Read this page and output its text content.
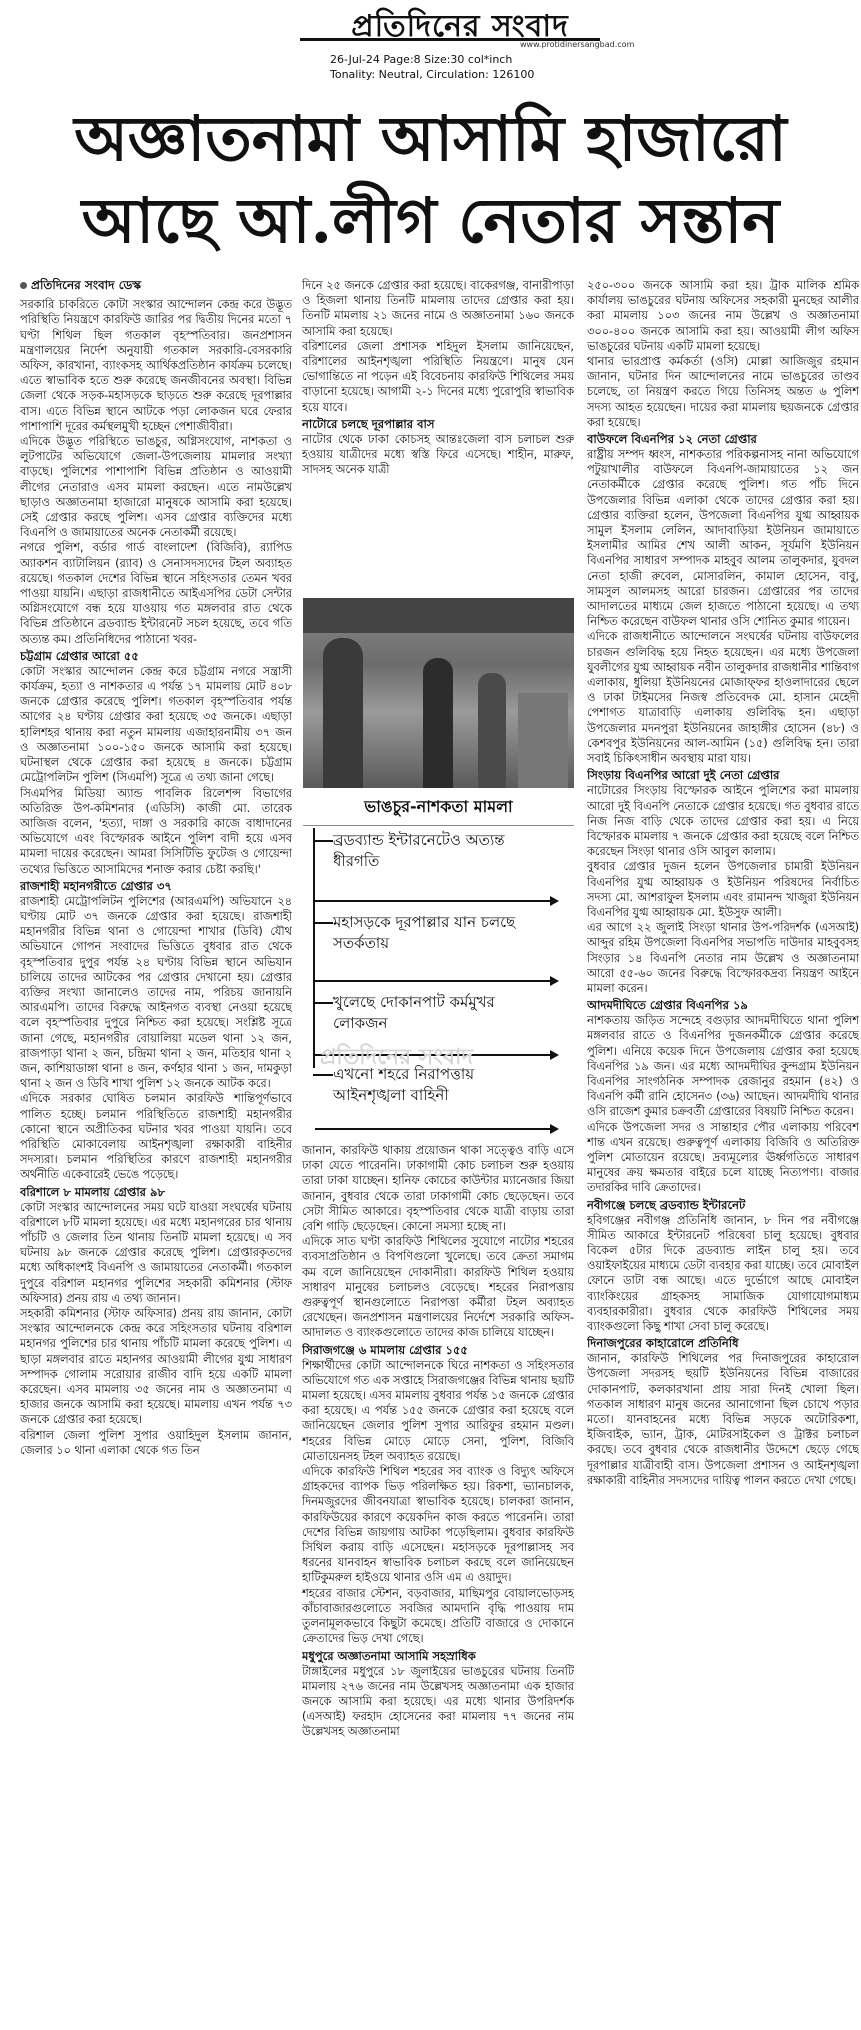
প্রতিদিনের সংবাদ
www.protidinersangbad.com
26-Jul-24 Page:8 Size:30 col*inch
Tonality: Neutral, Circulation: 126100
অজ্ঞাতনামা আসামি হাজারো
আছে আ.লীগ নেতার সন্তান
প্রতিদিনের সংবাদ ডেস্ক

সরকারি চাকরিতে কোটা সংস্কার আন্দোলন কেন্দ্র করে উদ্ভূত পরিস্থিতি নিয়ন্ত্রণে কারফিউ জারির পর দ্বিতীয় দিনের মতো ৭ ঘণ্টা শিথিল ছিল গতকাল বৃহস্পতিবার। জনপ্রশাসন মন্ত্রণালয়ের নির্দেশ অনুযায়ী গতকাল সরকারি-বেসরকারি অফিস, কারখানা, ব্যাংকসহ আর্থিকপ্রতিষ্ঠান কার্যক্রম চলেছে। এতে স্বাভাবিক হতে শুরু করেছে জনজীবনের অবস্থা। বিভিন্ন জেলা থেকে সড়ক-মহাসড়কে ছাড়তে শুরু করেছে দূরপাল্লার বাস। এতে বিভিন্ন স্থানে আটকে পড়া লোকজন ঘরে ফেরার পাশাপাশি দূরের কর্মস্থলমুখী হচ্ছেন পেশাজীবীরা।

এদিকে উদ্ভূত পরিস্থিতে ভাঙচুর, অগ্নিসংযোগ, নাশকতা ও লুটপাটের অভিযোগে জেলা-উপজেলায় মামলার সংখ্যা বাড়ছে। পুলিশের পাশাপাশি বিভিন্ন প্রতিষ্ঠান ও আওয়ামী লীগের নেতারাও এসব মামলা করছেন। এতে নামউল্লেখ ছাড়াও অজ্ঞাতনামা হাজারো মানুষকে আসামি করা হয়েছে। সেই গ্রেপ্তার করছে পুলিশ। এসব গ্রেপ্তার ব্যক্তিদের মধ্যে বিএনপি ও জামায়াতের অনেক নেতাকর্মী রয়েছে।

নগরে পুলিশ, বর্ডার গার্ড বাংলাদেশ (বিজিবি), র‌্যাপিড অ্যাকশন ব্যাটালিয়ন (র‌্যাব) ও সেনাসদস্যদের টহল অব্যাহত রয়েছে। গতকাল দেশের বিভিন্ন স্থানে সহিংসতার তেমন খবর পাওয়া যায়নি। এছাড়া রাজধানীতে আইএসপির ডেটা সেন্টার অগ্নিসংযোগে বন্ধ হয়ে যাওয়ায় গত মঙ্গলবার রাত থেকে বিভিন্ন প্রতিষ্ঠানে ব্রডব্যান্ড ইন্টারনেট সচল হয়েছে, তবে গতি অত্যন্ত কম। প্রতিনিধিদের পাঠানো খবর-

চট্টগ্রাম গ্রেপ্তার আরো ৫৫

কোটা সংস্কার আন্দোলন কেন্দ্র করে চট্টগ্রাম নগরে সন্ত্রাসী কার্যক্রম, হত্যা ও নাশকতার এ পর্যন্ত ১৭ মামলায় মোট ৪০৮ জনকে গ্রেপ্তার করেছে পুলিশ। গতকাল বৃহস্পতিবার পর্যন্ত আগের ২৪ ঘণ্টায় গ্রেপ্তার করা হয়েছে ৩৫ জনকে। এছাড়া হালিশহর থানায় করা নতুন মামলায় এজাহারনামীয় ৩৭ জন ও অজ্ঞাতনামা ১০০-১৫০ জনকে আসামি করা হয়েছে। ঘটনাস্থল থেকে গ্রেপ্তার করা হয়েছে ৪ জনকে। চট্টগ্রাম মেট্রোপলিটন পুলিশ (সিএমপি) সূত্রে এ তথ্য জানা গেছে।

সিএমপির মিডিয়া অ্যান্ড পাবলিক রিলেশন্স বিভাগের অতিরিক্ত উপ-কমিশনার (এডিসি) কাজী মো. তারেক আজিজ বলেন, 'হত্যা, দাঙ্গা ও সরকারি কাজে বাধাদানের অভিযোগে এবং বিস্ফোরক আইনে পুলিশ বাদী হয়ে এসব মামলা দায়ের করেছেন। আমরা সিসিটিভি ফুটেজ ও গোয়েন্দা তথ্যের ভিত্তিতে আসামিদের শনাক্ত করার চেষ্টা করছি।'

রাজশাহী মহানগরীতে গ্রেপ্তার ৩৭

রাজশাহী মেট্রোপলিটন পুলিশের (আরএমপি) অভিযানে ২৪ ঘণ্টায় মোট ৩৭ জনকে গ্রেপ্তার করা হয়েছে। রাজশাহী মহানগরীর বিভিন্ন থানা ও গোয়েন্দা শাখার (ডিবি) যৌথ অভিযানে গোপন সংবাদের ভিত্তিতে বুধবার রাত থেকে বৃহস্পতিবার দুপুর পর্যন্ত ২৪ ঘণ্টায় বিভিন্ন স্থানে অভিযান চালিয়ে তাদের আটকের পর গ্রেপ্তার দেখানো হয়। গ্রেপ্তার ব্যক্তির সংখ্যা জানালেও তাদের নাম, পরিচয় জানায়নি আরএমপি। তাদের বিরুদ্ধে আইনগত ব্যবস্থা নেওয়া হয়েছে বলে বৃহস্পতিবার দুপুরে নিশ্চিত করা হয়েছে। সংশ্লিষ্ট সূত্রে জানা গেছে, মহানগরীর বোয়ালিয়া মডেল থানা ১২ জন, রাজপাড়া থানা ২ জন, চন্দ্রিমা থানা ২ জন, মতিহার থানা ২ জন, কাশিয়াডাঙ্গা থানা ৪ জন, কর্ণহার থানা ১ জন, দামকুড়া থানা ২ জন ও ডিবি শাখা পুলিশ ১২ জনকে আটক করে।

এদিকে সরকার ঘোষিত চলমান কারফিউ শান্তিপূর্ণভাবে পালিত হচ্ছে। চলমান পরিস্থিতিতে রাজশাহী মহানগরীর কোনো স্থানে অপ্রীতিকর ঘটনার খবর পাওয়া যায়নি। তবে পরিস্থিতি মোকাবেলায় আইনশৃঙ্খলা রক্ষাকারী বাহিনীর সদস্যরা। চলমান পরিস্থিতির কারণে রাজশাহী মহানগরীর অর্থনীতি একেবারেই ভেঙে পড়েছে।

বরিশালে ৮ মামলায় গ্রেপ্তার ৯৮

কোটা সংস্কার আন্দোলনের সময় ঘটে যাওয়া সংঘর্ষের ঘটনায় বরিশালে ৮টি মামলা হয়েছে। এর মধ্যে মহানগরের চার থানায় পাঁচটি ও জেলার তিন থানায় তিনটি মামলা হয়েছে। এ সব ঘটনায় ৯৮ জনকে গ্রেপ্তার করেছে পুলিশ। গ্রেপ্তারকৃতদের মধ্যে অধিকাংশই বিএনপি ও জামায়াতের নেতাকর্মী। গতকাল দুপুরে বরিশাল মহানগর পুলিশের সহকারী কমিশনার (স্টাফ অফিসার) প্রনয় রায় এ তথ্য জানান।

সহকারী কমিশনার (স্টাফ অফিসার) প্রনয় রায় জানান, কোটা সংস্কার আন্দোলনকে কেন্দ্র করে সহিংসতার ঘটনায় বরিশাল মহানগর পুলিশের চার থানায় পাঁচটি মামলা করেছে পুলিশ। এ ছাড়া মঙ্গলবার রাতে মহানগর আওয়ামী লীগের যুগ্ম সাধারণ সম্পাদক গোলাম সরোয়ার রাজীব বাদি হয়ে একটি মামলা করেছেন। এসব মামলায় ৩৫ জনের নাম ও অজ্ঞাতনামা এ হাজার জনকে আসামি করা হয়েছে। মামলায় এখন পর্যন্ত ৭৩ জনকে গ্রেপ্তার করা হয়েছে।

বরিশাল জেলা পুলিশ সুপার ওয়াহিদুল ইসলাম জানান, জেলার ১০ থানা এলাকা থেকে গত তিন

দিনে ২৫ জনকে গ্রেপ্তার করা হয়েছে। বাকেরগঞ্জ, বানারীপাড়া ও হিজলা থানায় তিনটি মামলায় তাদের গ্রেপ্তার করা হয়। তিনটি মামলায় ২১ জনের নামে ও অজ্ঞাতনামা ১৬০ জনকে আসামি করা হয়েছে।

বরিশালের জেলা প্রশাসক শহিদুল ইসলাম জানিয়েছেন, বরিশালের আইনশৃঙ্খলা পরিস্থিতি নিয়ন্ত্রণে। মানুষ যেন ভোগান্তিতে না পড়েন এই বিবেচনায় কারফিউ শিথিলের সময় বাড়ানো হয়েছে। আগামী ২-১ দিনের মধ্যে পুরোপুরি স্বাভাবিক হয়ে যাবে।

নাটোরে চলছে দূরপাল্লার বাস

নাটোর থেকে ঢাকা কোচসহ আন্তঃজেলা বাস চলাচল শুরু হওয়ায় যাত্রীদের মধ্যে স্বস্তি ফিরে এসেছে। শাহীন, মারুফ, সাদসহ অনেক যাত্রী

ভাঙচুর-নাশকতা মামলা
ব্রডব্যান্ড ইন্টারনেটেও অত্যন্ত ধীরগতি
মহাসড়কে দূরপাল্লার যান চলছে সতর্কতায়
খুলেছে দোকানপাট কর্মমুখর লোকজন
এখনো শহরে নিরাপত্তায় আইনশৃঙ্খলা বাহিনী
প্রতিদিনের সংবাদ

জানান, কারফিউ থাকায় প্রয়োজন থাকা সত্ত্বেও বাড়ি এসে ঢাকা যেতে পারেননি। ঢাকাগামী কোচ চলাচল শুরু হওয়ায় তারা ঢাকা যাচ্ছেন। হানিফ কোচের কাউন্টার ম্যানেজার জিয়া জানান, বুধবার থেকে তারা ঢাকাগামী কোচ ছেড়েছেন। তবে সেটা সীমিত আকারে। বৃহস্পতিবার থেকে যাত্রী বাড়ায় তারা বেশি গাড়ি ছেড়েছেন। কোনো সমস্যা হচ্ছে না।

এদিকে সাত ঘণ্টা কারফিউ শিথিলের সুযোগে নাটোর শহরের ব্যবসাপ্রতিষ্ঠান ও বিপণিগুলো খুলেছে। তবে ক্রেতা সমাগম কম বলে জানিয়েছেন দোকানীরা। কারফিউ শিথিল হওয়ায় সাধারণ মানুষের চলাচলও বেড়েছে। শহরের নিরাপত্তায় গুরুত্বপূর্ণ স্থানগুলোতে নিরাপত্তা কর্মীরা টহল অব্যাহত রেখেছেন। জনপ্রশাসন মন্ত্রণালয়ের নির্দেশে সরকারি অফিস-আদালত ও ব্যাংকগুলোতে তাদের কাজ চালিয়ে যাচ্ছেন।

সিরাজগঞ্জে ৬ মামলায় গ্রেপ্তার ১৫৫

শিক্ষার্থীদের কোটা আন্দোলনকে ঘিরে নাশকতা ও সহিংসতার অভিযোগে গত এক সপ্তাহে সিরাজগঞ্জের বিভিন্ন থানায় ছয়টি মামলা হয়েছে। এসব মামলায় বুধবার পর্যন্ত ১৫ জনকে গ্রেপ্তার করা হয়েছে। এ পর্যন্ত ১৫৫ জনকে গ্রেপ্তার করা হয়েছে বলে জানিয়েছেন জেলার পুলিশ সুপার আরিফুর রহমান মণ্ডল। শহরের বিভিন্ন মোড়ে মোড়ে সেনা, পুলিশ, বিজিবি মোতায়েনসহ টহল অব্যাহত রয়েছে।

এদিকে কারফিউ শিথিল শহরের সব ব্যাংক ও বিদ্যুৎ অফিসে গ্রাহকদের ব্যাপক ভিড় পরিলক্ষিত হয়। রিকশা, ভ্যানচালক, দিনমজুরদের জীবনযাত্রা স্বাভাবিক হয়েছে। চালকরা জানান, কারফিউয়ের কারণে কয়েকদিন কাজ করতে পারেননি। তারা দেশের বিভিন্ন জায়গায় আটকা পড়েছিলাম। বুধবার কারফিউ সিথিল করায় বাড়ি এসেছেন। মহাসড়কে দূরপাল্লাসহ সব ধরনের যানবাহন স্বাভাবিক চলাচল করছে বলে জানিয়েছেন হাটিকুমরুল হাইওয়ে থানার ওসি এম এ ওয়াদুদ।

শহরের বাজার স্টেশন, বড়বাজার, মাছিমপুর বোয়ালভোড়সহ কাঁচাবাজারগুলোতে সবজির আমদানি বৃদ্ধি পাওয়ায় দাম তুলনামূলকভাবে কিছুটা কমেছে। প্রতিটি বাজারে ও দোকানে ক্রেতাদের ভিড় দেখা গেছে।

মধুপুরে অজ্ঞাতনামা আসামি সহস্রাধিক

টাঙ্গাইলের মধুপুরে ১৮ জুলাইয়ের ভাঙচুরের ঘটনায় তিনটি মামলায় ২৭৬ জনের নাম উল্লেখসহ অজ্ঞাতনামা এক হাজার জনকে আসামি করা হয়েছে। এর মধ্যে থানার উপরিদর্শক (এসআই) ফরহাদ হোসেনের করা মামলায় ৭৭ জনের নাম উল্লেখসহ অজ্ঞাতনামা

২৫০-৩০০ জনকে আসামি করা হয়। ট্রাক মালিক শ্রমিক কার্যালয় ভাঙচুরের ঘটনায় অফিসের সহকারী মুনছের আলীর করা মামলায় ১০৩ জনের নাম উল্লেখ ও অজ্ঞাতনামা ৩০০-৪০০ জনকে আসামি করা হয়। আওয়ামী লীগ অফিস ভাঙচুরের ঘটনায় একটি মামলা হয়েছে।

থানার ভারপ্রাপ্ত কর্মকর্তা (ওসি) মোল্লা আজিজুর রহমান জানান, ঘটনার দিন আন্দোলনের নামে ভাঙচুরের তাণ্ডব চলেছে, তা নিয়ন্ত্রণ করতে গিয়ে তিনিসহ অন্তত ৬ পুলিশ সদস্য আহত হয়েছেন। দায়ের করা মামলায় ছয়জনকে গ্রেপ্তার করা হয়েছে।

বাউফলে বিএনপির ১২ নেতা গ্রেপ্তার

রাষ্ট্রীয় সম্পদ ধ্বংস, নাশকতার পরিকল্পনাসহ নানা অভিযোগে পটুয়াখালীর বাউফলে বিএনপি-জামায়াতের ১২ জন নেতাকর্মীকে গ্রেপ্তার করেছে পুলিশ। গত পাঁচ দিনে উপজেলার বিভিন্ন এলাকা থেকে তাদের গ্রেপ্তার করা হয়। গ্রেপ্তার ব্যক্তিরা হলেন, উপজেলা বিএনপির যুগ্ম আহ্বায়ক সামুল ইসলাম লেলিন, আদাবাড়িয়া ইউনিয়ন জামায়াতে ইসলামীর আমির শেখ আলী আকন, সূর্যমণি ইউনিয়ন বিএনপির সাধারণ সম্পাদক মাহবুব আলম তালুকদার, যুবদল নেতা হাজী রুবেল, মোসারলিন, কামাল হোসেন, বাবু, সামসুল আলমসহ আরো চারজন। গ্রেপ্তারের পর তাদের আদালতের মাধ্যমে জেল হাজতে পাঠানো হয়েছে। এ তথ্য নিশ্চিত করেছেন বাউফল থানার ওসি শোনিত কুমার গায়েন।

এদিকে রাজধানীতে আন্দোলনে সংঘর্ষের ঘটনায় বাউফলের চারজন গুলিবিদ্ধ হয়ে নিহত হয়েছেন। এর মধ্যে উপজেলা যুবলীগের যুগ্ম আহ্বায়ক নবীন তালুকদার রাজধানীর শান্তিবাগ এলাকায়, ধুলিয়া ইউনিয়নের মোজাফ্ফর হাওলাদারের ছেলে ও ঢাকা টাইমসের নিজস্ব প্রতিবেদক মো. হাসান মেহেদী পেশাগত যাত্রাবাড়ি এলাকায় গুলিবিদ্ধ হন। এছাড়া উপজেলার মদনপুরা ইউনিয়নের জাহাঙ্গীর হোসেন (৪৮) ও কেশবপুর ইউনিয়নের আল-আমিন (১৫) গুলিবিদ্ধ হন। তারা সবাই চিকিৎসাধীন অবস্থায় মারা যায়।

সিংড়ায় বিএনপির আরো দুই নেতা গ্রেপ্তার

নাটোরের সিংড়ায় বিস্ফোরক আইনে পুলিশের করা মামলায় আরো দুই বিএনপি নেতাকে গ্রেপ্তার হয়েছে। গত বুধবার রাতে নিজ নিজ বাড়ি থেকে তাদের গ্রেপ্তার করা হয়। এ নিয়ে বিস্ফোরক মামলায় ৭ জনকে গ্রেপ্তার করা হয়েছে বলে নিশ্চিত করেছেন সিংড়া থানার ওসি আবুল কালাম।

বুধবার গ্রেপ্তার দুজন হলেন উপজেলার চামারী ইউনিয়ন বিএনপির যুগ্ম আহ্বায়ক ও ইউনিয়ন পরিষদের নির্বাচিত সদস্য মো. আশরাফুল ইসলাম এবং রামানন্দ খাজুরা ইউনিয়ন বিএনপির যুগ্ম আহ্বায়ক মো. ইউসুফ আলী।

এর আগে ২২ জুলাই সিংড়া থানার উপ-পরিদর্শক (এসআই) আব্দুর রহিম উপজেলা বিএনপির সভাপতি দাউদার মাহবুবসহ সিংড়ার ১৪ বিএনপি নেতার নাম উল্লেখ ও অজ্ঞাতনামা আরো ৫৫-৬০ জনের বিরুদ্ধে বিস্ফোরকদ্রব্য নিয়ন্ত্রণ আইনে মামলা করেন।

আদমদীঘিতে গ্রেপ্তার বিএনপির ১৯

নাশকতায় জড়িত সন্দেহে বগুড়ার আদমদীঘিতে থানা পুলিশ মঙ্গলবার রাতে ও বিএনপির দুজনকর্মীকে গ্রেপ্তার করেছে পুলিশ। এনিয়ে কয়েক দিনে উপজেলায় গ্রেপ্তার করা হয়েছে বিএনপির ১৯ জন। এর মধ্যে আদমদীঘির কুন্দগ্রাম ইউনিয়ন বিএনপির সাংগঠনিক সম্পাদক রেজানুর রহমান (৪২) ও বিএনপি কর্মী রানি হোসেন৩ (৩৬) আছেন। আদমদীঘি থানার ওসি রাজেশ কুমার চক্রবর্তী গ্রেপ্তারের বিষয়টি নিশ্চিত করেন।

এদিকে উপজেলা সদর ও সান্তাহার পৌর এলাকায় পরিবেশ শান্ত এখন রয়েছে। গুরুত্বপূর্ণ এলাকায় বিজিবি ও অতিরিক্ত পুলিশ মোতায়েন রয়েছে। দ্রব্যমূল্যের ঊর্ধ্বগতিতে সাধারণ মানুষের ক্রয় ক্ষমতার বাইরে চলে যাচ্ছে নিত্যপণ্য। বাজার তদারকির দাবি ক্রেতাদের।

নবীগঞ্জে চলছে ব্রডব্যান্ড ইন্টারনেট

হবিগঞ্জের নবীগঞ্জ প্রতিনিধি জানান, ৮ দিন পর নবীগঞ্জে সীমিত আকারে ইন্টারনেট পরিষেবা চালু হয়েছে। বুধবার বিকেল ৫টার দিকে ব্রডব্যান্ড লাইন চালু হয়। তবে ওয়াইফাইয়ের মাধ্যমে ডেটা ব্যবহার করা যাচ্ছে। তবে মোবাইল ফোনে ডাটা বন্ধ আছে। এতে দুর্ভোগে আছে মোবাইল ব্যাংকিংয়ের গ্রাহকসহ সামাজিক যোগাযোগমাধ্যম ব্যবহারকারীরা। বুধবার থেকে কারফিউ শিথিলের সময় ব্যাংকগুলো কিছু শাখা সেবা চালু করেছে।

দিনাজপুরের কাহারোলে প্রতিনিধি

জানান, কারফিউ শিথিলের পর দিনাজপুরের কাহারোল উপজেলা সদরসহ ছয়টি ইউনিয়নের বিভিন্ন বাজারের দোকানপাট, কলকারখানা প্রায় সারা দিনই খোলা ছিল। গতকাল সাধারণ মানুষ জনের আনাগোনা ছিল চোখে পড়ার মতো। যানবাহনের মধ্যে বিভিন্ন সড়কে অটোরিকশা, ইজিবাইক, ভ্যান, ট্রাক, মোটরসাইকেল ও ট্রাক্টর চলাচল করছে। তবে বুধবার থেকে রাজধানীর উদ্দেশে ছেড়ে গেছে দূরপাল্লার যাত্রীবাহী বাস। উপজেলা প্রশাসন ও আইনশৃঙ্খলা রক্ষাকারী বাহিনীর সদস্যদের দায়িত্ব পালন করতে দেখা গেছে।
